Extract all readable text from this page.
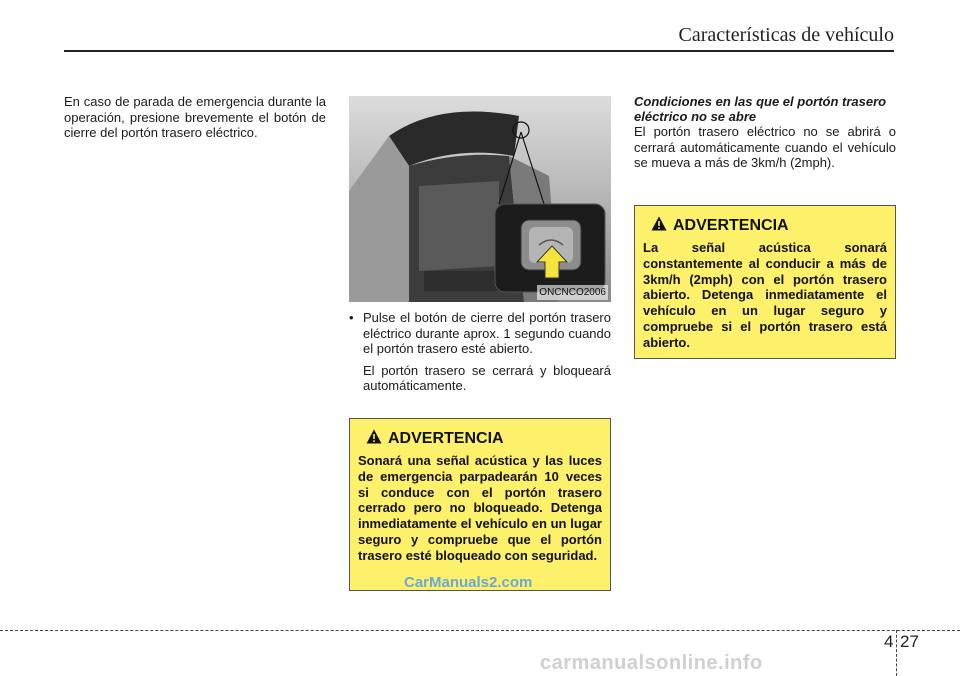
Características de vehículo

En caso de parada de emergencia durante la operación, presione brevemente el botón de cierre del portón trasero eléctrico.

ONCNCO2006
• Pulse el botón de cierre del portón trasero eléctrico durante aprox. 1 segundo cuando el portón trasero esté abierto.

El portón trasero se cerrará y bloqueará automáticamente.

ADVERTENCIA
Sonará una señal acústica y las luces de emergencia parpadearán 10 veces si conduce con el portón trasero cerrado pero no bloqueado. Detenga inmediatamente el vehículo en un lugar seguro y compruebe que el portón trasero esté bloqueado con seguridad.
CarManuals2.com

Condiciones en las que el portón trasero eléctrico no se abre

El portón trasero eléctrico no se abrirá o cerrará automáticamente cuando el vehículo se mueva a más de 3km/h (2mph).

ADVERTENCIA
La señal acústica sonará constantemente al conducir a más de 3km/h (2mph) con el portón trasero abierto. Detenga inmediatamente el vehículo en un lugar seguro y compruebe si el portón trasero está abierto.
4 27
carmanualsonline.info
